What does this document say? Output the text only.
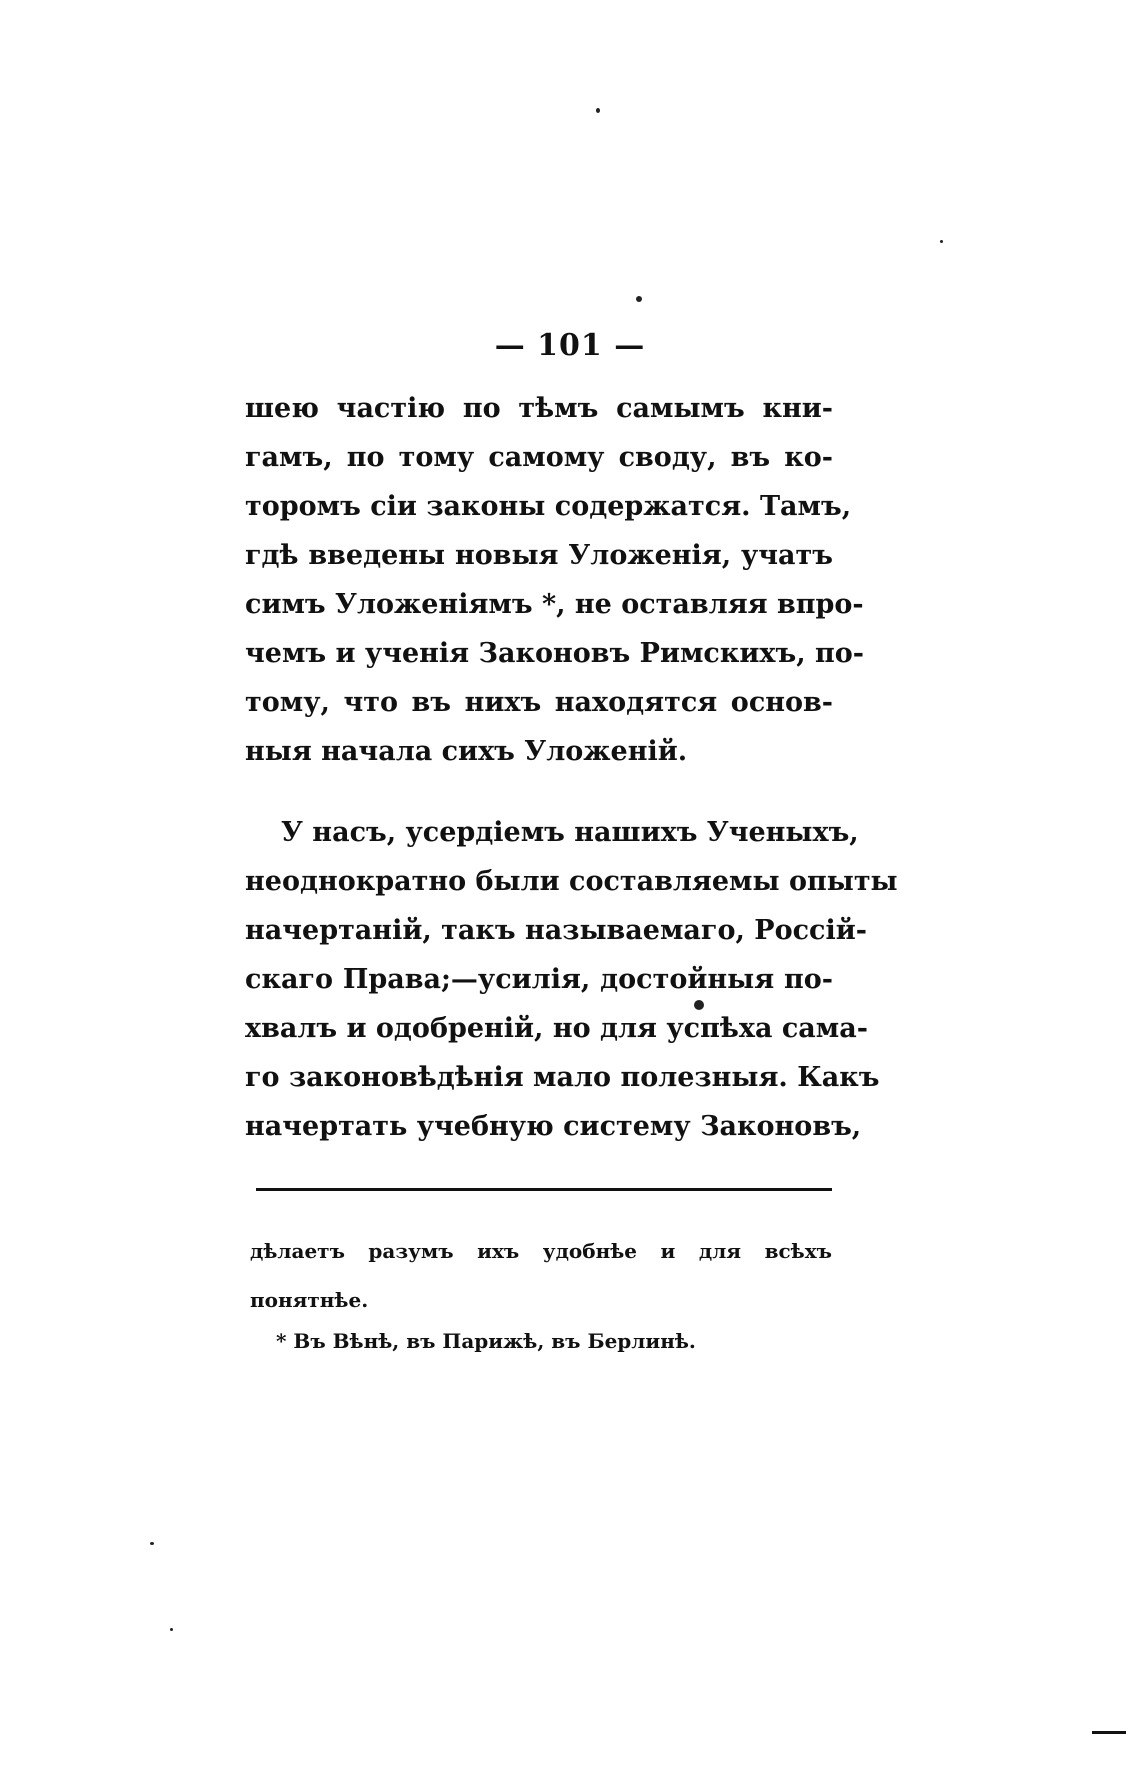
— 101 —
шею частію по тѣмъ самымъ кни-
гамъ, по тому самому своду, въ ко-
торомъ сіи законы содержатся. Тамъ,
гдѣ введены новыя Уложенія, учатъ
симъ Уложеніямъ *, не оставляя впро-
чемъ и ученія Законовъ Римскихъ, по-
тому, что въ нихъ находятся основ-
ныя начала сихъ Уложеній.
У насъ, усердіемъ нашихъ Ученыхъ,
неоднократно были составляемы опыты
начертаній, такъ называемаго, Россій-
скаго Права;—усилія, достойныя по-
хвалъ и одобреній, но для успѣха сама-
го законовѣдѣнія мало полезныя. Какъ
начертать учебную систему Законовъ,
дѣлаетъ разумъ ихъ удобнѣе и для всѣхъ
понятнѣе.
* Въ Вѣнѣ, въ Парижѣ, въ Берлинѣ.
